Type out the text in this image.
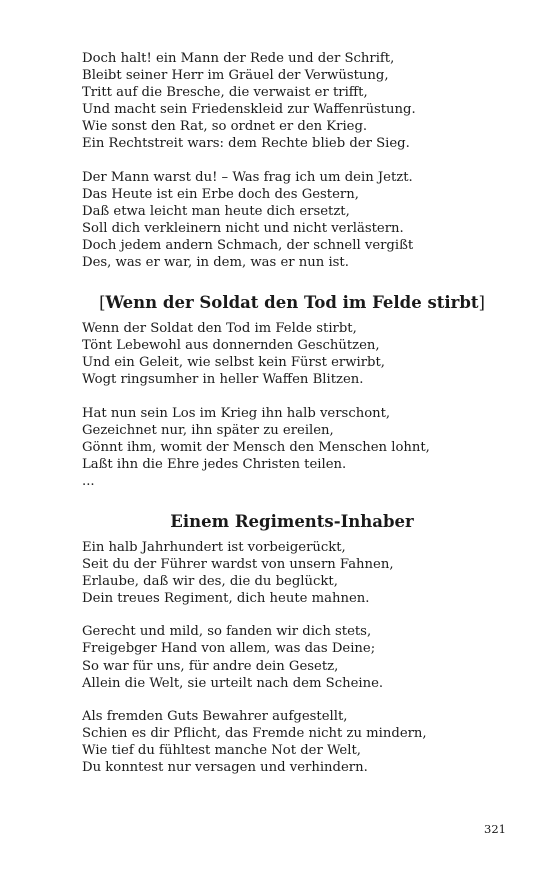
Doch halt! ein Mann der Rede und der Schrift,
Bleibt seiner Herr im Gräuel der Verwüstung,
Tritt auf die Bresche, die verwaist er trifft,
Und macht sein Friedenskleid zur Waffenrüstung.
Wie sonst den Rat, so ordnet er den Krieg.
Ein Rechtstreit wars: dem Rechte blieb der Sieg.
Der Mann warst du! – Was frag ich um dein Jetzt.
Das Heute ist ein Erbe doch des Gestern,
Daß etwa leicht man heute dich ersetzt,
Soll dich verkleinern nicht und nicht verlästern.
Doch jedem andern Schmach, der schnell vergißt
Des, was er war, in dem, was er nun ist.
[Wenn der Soldat den Tod im Felde stirbt]
Wenn der Soldat den Tod im Felde stirbt,
Tönt Lebewohl aus donnernden Geschützen,
Und ein Geleit, wie selbst kein Fürst erwirbt,
Wogt ringsumher in heller Waffen Blitzen.
Hat nun sein Los im Krieg ihn halb verschont,
Gezeichnet nur, ihn später zu ereilen,
Gönnt ihm, womit der Mensch den Menschen lohnt,
Laßt ihn die Ehre jedes Christen teilen.
...
Einem Regiments-Inhaber
Ein halb Jahrhundert ist vorbeigerückt,
Seit du der Führer wardst von unsern Fahnen,
Erlaube, daß wir des, die du beglückt,
Dein treues Regiment, dich heute mahnen.
Gerecht und mild, so fanden wir dich stets,
Freigebger Hand von allem, was das Deine;
So war für uns, für andre dein Gesetz,
Allein die Welt, sie urteilt nach dem Scheine.
Als fremden Guts Bewahrer aufgestellt,
Schien es dir Pflicht, das Fremde nicht zu mindern,
Wie tief du fühltest manche Not der Welt,
Du konntest nur versagen und verhindern.
321
